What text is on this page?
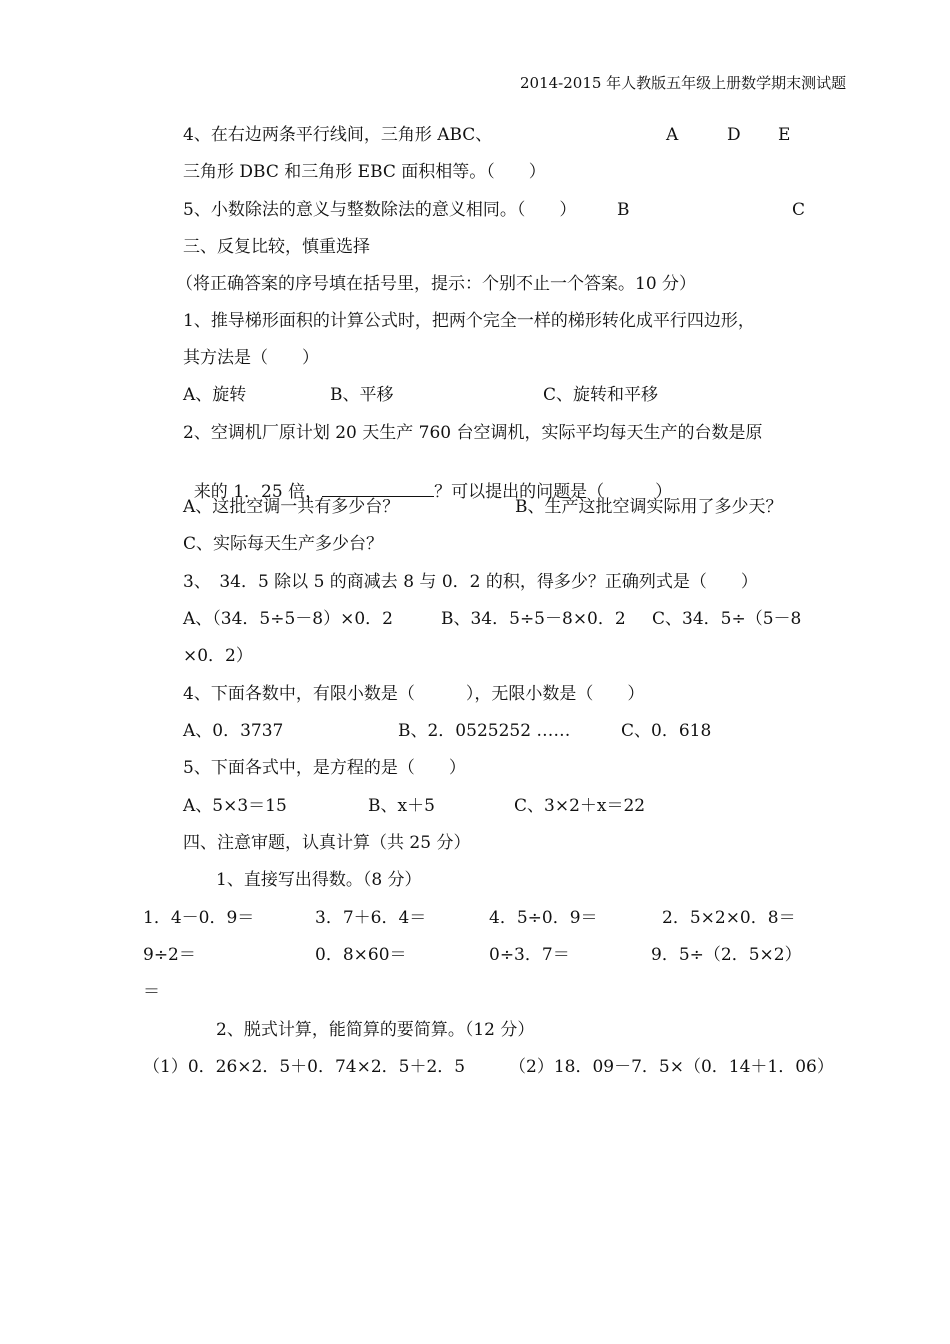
2014-2015 年人教版五年级上册数学期末测试题
4、在右边两条平行线间，三角形 ABC、	A	D E
三角形 DBC 和三角形 EBC 面积相等。（　　）
5、小数除法的意义与整数除法的意义相同。（　　） B	C
三、反复比较，慎重选择
（将正确答案的序号填在括号里，提示：个别不止一个答案。10 分）
1、推导梯形面积的计算公式时，把两个完全一样的梯形转化成平行四边形，
其方法是（　　）
A、旋转	B、平移	C、旋转和平移
2、空调机厂原计划 20 天生产 760 台空调机，实际平均每天生产的台数是原

来的 1．25 倍，	？可以提出的问题是（　　　）

A、这批空调一共有多少台？	B、生产这批空调实际用了多少天？
C、实际每天生产多少台？
3、　34．5 除以 5 的商减去 8 与 0．2 的积，得多少？正确列式是（　　）
A、（34．5÷5－8）×0．2	B、34．5÷5－8×0．2 C、34．5÷（5－8
×0．2）
4、下面各数中，有限小数是（　　　），无限小数是（　　）
A、0．3737	B、2．0525252 ……	C、0．618
5、下面各式中，是方程的是（　　）
A、5×3＝15	B、x＋5	C、3×2＋x＝22
四、注意审题，认真计算（共 25 分）
1、直接写出得数。（8 分）
1．4－0．9＝	3．7＋6．4＝	4．5÷0．9＝	2．5×2×0．8＝
9÷2＝	0．8×60＝	0÷3．7＝	9．5÷（2．5×2）
＝
2、脱式计算，能简算的要简算。（12 分）
（1）0．26×2．5＋0．74×2．5＋2．5	（2）18．09－7．5×（0．14＋1．06）
